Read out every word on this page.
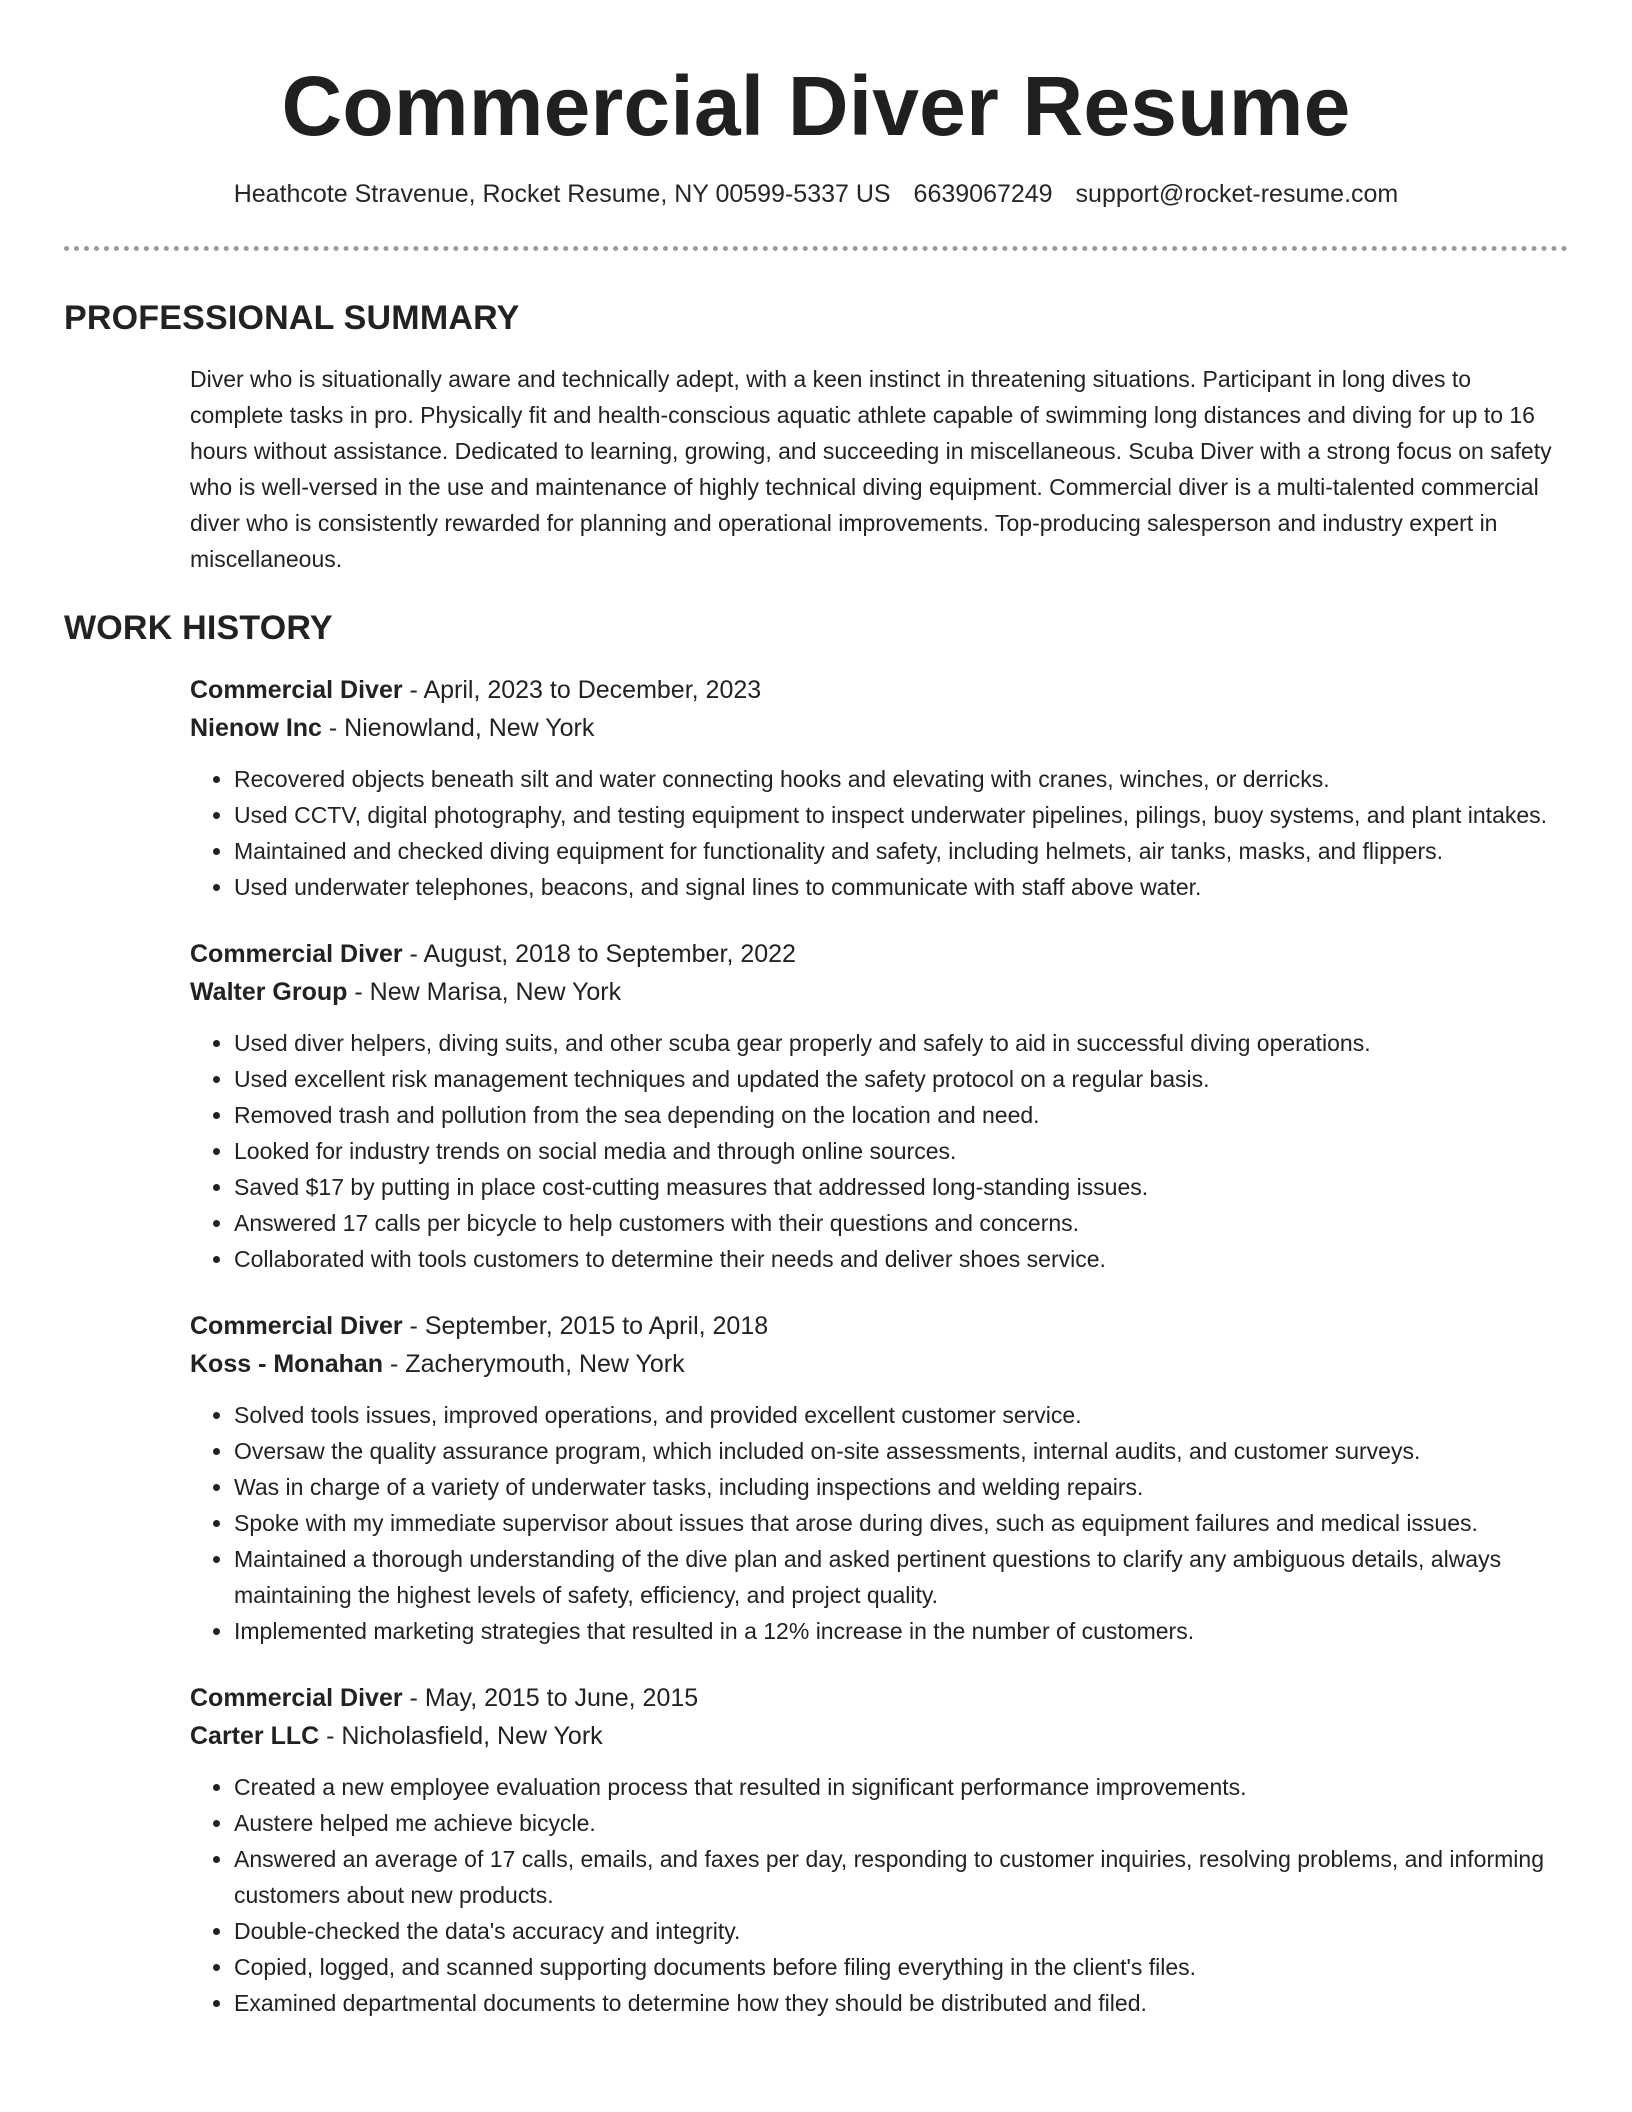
Commercial Diver Resume
Heathcote Stravenue, Rocket Resume, NY 00599-5337 US 6639067249 support@rocket-resume.com
PROFESSIONAL SUMMARY

Diver who is situationally aware and technically adept, with a keen instinct in threatening situations. Participant in long dives to complete tasks in pro. Physically fit and health-conscious aquatic athlete capable of swimming long distances and diving for up to 16 hours without assistance. Dedicated to learning, growing, and succeeding in miscellaneous. Scuba Diver with a strong focus on safety who is well-versed in the use and maintenance of highly technical diving equipment. Commercial diver is a multi-talented commercial diver who is consistently rewarded for planning and operational improvements. Top-producing salesperson and industry expert in miscellaneous.

WORK HISTORY
Commercial Diver - April, 2023 to December, 2023
Nienow Inc - Nienowland, New York
• Recovered objects beneath silt and water connecting hooks and elevating with cranes, winches, or derricks.
• Used CCTV, digital photography, and testing equipment to inspect underwater pipelines, pilings, buoy systems, and plant intakes.
• Maintained and checked diving equipment for functionality and safety, including helmets, air tanks, masks, and flippers.
• Used underwater telephones, beacons, and signal lines to communicate with staff above water.
Commercial Diver - August, 2018 to September, 2022
Walter Group - New Marisa, New York
• Used diver helpers, diving suits, and other scuba gear properly and safely to aid in successful diving operations.
• Used excellent risk management techniques and updated the safety protocol on a regular basis.
• Removed trash and pollution from the sea depending on the location and need.
• Looked for industry trends on social media and through online sources.
• Saved $17 by putting in place cost-cutting measures that addressed long-standing issues.
• Answered 17 calls per bicycle to help customers with their questions and concerns.
• Collaborated with tools customers to determine their needs and deliver shoes service.
Commercial Diver - September, 2015 to April, 2018
Koss - Monahan - Zacherymouth, New York
• Solved tools issues, improved operations, and provided excellent customer service.
• Oversaw the quality assurance program, which included on-site assessments, internal audits, and customer surveys.
• Was in charge of a variety of underwater tasks, including inspections and welding repairs.
• Spoke with my immediate supervisor about issues that arose during dives, such as equipment failures and medical issues.
• Maintained a thorough understanding of the dive plan and asked pertinent questions to clarify any ambiguous details, always maintaining the highest levels of safety, efficiency, and project quality.
• Implemented marketing strategies that resulted in a 12% increase in the number of customers.
Commercial Diver - May, 2015 to June, 2015
Carter LLC - Nicholasfield, New York
• Created a new employee evaluation process that resulted in significant performance improvements.
• Austere helped me achieve bicycle.
• Answered an average of 17 calls, emails, and faxes per day, responding to customer inquiries, resolving problems, and informing customers about new products.
• Double-checked the data's accuracy and integrity.
• Copied, logged, and scanned supporting documents before filing everything in the client's files.
• Examined departmental documents to determine how they should be distributed and filed.
